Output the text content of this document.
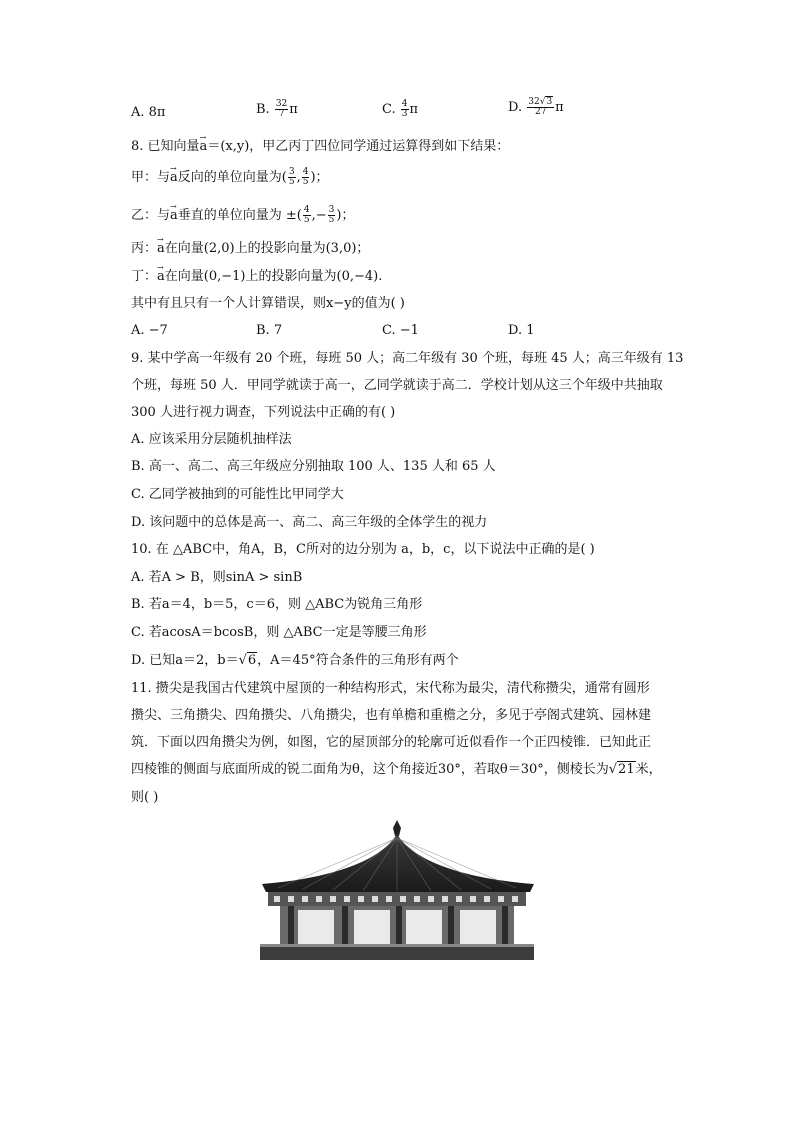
A. 8π	B. $\frac{32}{7}$ π	C. $\frac{4}{3}$ π	D. $\frac{32√3}{27}$ π
8. 已知向量→ a＝(x,y)，甲乙丙丁四位同学通过运算得到如下结果：
甲：与→ a反向的单位向量为( $\frac{3}{5}$ , $\frac{4}{5}$ )；
乙：与→ a垂直的单位向量为 ±( $\frac{4}{5}$ ,− $\frac{3}{5}$ )；
丙：→ a在向量(2,0)上的投影向量为(3,0)；
丁：→ a在向量(0,−1)上的投影向量为(0,−4).
其中有且只有一个人计算错误，则x−y的值为( )
A. −7	B. 7	C. −1	D. 1
9. 某中学高一年级有 20 个班，每班 50 人；高二年级有 30 个班，每班 45 人；高三年级有 13
个班，每班 50 人．甲同学就读于高一，乙同学就读于高二．学校计划从这三个年级中共抽取
300 人进行视力调查，下列说法中正确的有( )
A. 应该采用分层随机抽样法
B. 高一、高二、高三年级应分别抽取 100 人、135 人和 65 人
C. 乙同学被抽到的可能性比甲同学大
D. 该问题中的总体是高一、高二、高三年级的全体学生的视力
10. 在 △ABC中，角A，B，C所对的边分别为 a，b，c，以下说法中正确的是( )
A. 若A > B，则sinA > sinB
B. 若a＝4，b＝5，c＝6，则 △ABC为锐角三角形
C. 若acosA＝bcosB，则 △ABC一定是等腰三角形
D. 已知a＝2，b＝√6，A＝45°符合条件的三角形有两个
11. 攒尖是我国古代建筑中屋顶的一种结构形式，宋代称为最尖，清代称攒尖，通常有圆形
攒尖、三角攒尖、四角攒尖、八角攒尖，也有单檐和重檐之分，多见于亭阁式建筑、园林建
筑．下面以四角攒尖为例，如图，它的屋顶部分的轮廓可近似看作一个正四棱锥．已知此正
四棱锥的侧面与底面所成的锐二面角为θ，这个角接近30°，若取θ＝30°，侧棱长为√21米，
则( )
